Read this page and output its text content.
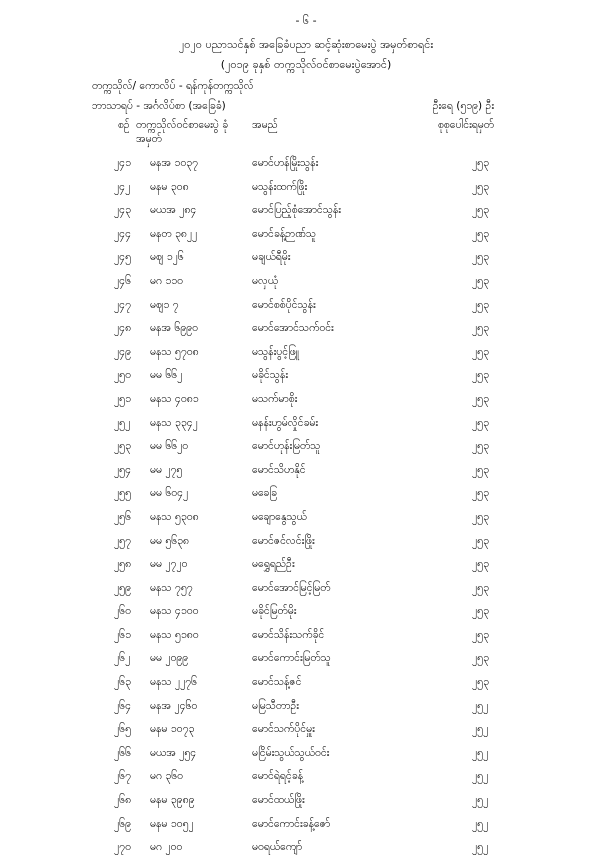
- ၆ -
၂၀၂၀ ပညာသင်နှစ် အခြေခံပညာ ဆင့်ဆုံးစာမေးပွဲ အမှတ်စာရင်း
(၂၀၁၉ ခုနှစ် တက္ကသိုလ်ဝင်စာမေးပွဲအောင်)
တက္ကသိုလ်/ ကောလိပ် - ရန်ကုန်တက္ကသိုလ်
ဘာသာရပ် - အင်္ဂလိပ်စာ (အခြေခံ)	ဦးရေ (၅၁၉) ဦး
စဉ် တက္ကသိုလ်ဝင်စာမေးပွဲ ခုံအမှတ်
အမည်	စုစုပေါင်းရမှတ်
၂၄၁ မနအ ၁၀၃၇	မောင်ဟန်မြိုးသွန်း	၂၅၃
၂၄၂ မနမ ၃၀၈	မသွန်းထက်ဖြိုး	၂၅၃
၂၄၃ မယအ ၂၈၄	မောင်ပြည့်စုံအောင်သွန်း	၂၅၃
၂၄၄ မနတ ၃၈၂၂	မောင်ခန့်ဉာဏ်သူ	၂၅၃
၂၄၅ မဈ ၁၂၆	မချယ်ရီမိုး	၂၅၃
၂၄၆ မဂ ၁၁၀	မလှယုံ	၂၅၃
၂၄၇ မဈ၁ ၇	မောင်စစ်ပိုင်သွန်း	၂၅၃
၂၄၈ မနအ ၆၉၉၀	မောင်အောင်သက်ဝင်း	၂၅၃
၂၄၉ မနသ ၅၇၀၈	မသွန်းပွင့်ဖြူ	၂၅၃
၂၅၀ မမ ၆၆၂	မခိုင်သွန်း	၂၅၃
၂၅၁ မနသ ၄၀၈၁	မသက်မာစိုး	၂၅၃
၂၅၂ မနသ ၃၃၄၂	မနန်းဟွမ်လှိုင်ခမ်း	၂၅၃
၂၅၃ မမ ၆၆၂၀	မောင်ဟုန်းမြတ်သူ	၂၅၃
၂၅၄ မမ ၂၇၅	မောင်သိဟနိုင်	၂၅၃
၂၅၅ မမ ၆၀၄၂	မခေခြ	၂၅၃
၂၅၆ မနသ ၅၃၀၈	မချောနွေသွယ်	၂၅၃
၂၅၇ မမ ၅၆၃၈	မောင်ဇင်လင်းဖြိုး	၂၅၃
၂၅၈ မမ ၂၇၂၀	မရွှေရည်ဦး	၂၅၃
၂၅၉ မနသ ၇၅၇	မောင်အောင်မြင့်မြတ်	၂၅၃
၂၆၀ မနသ ၄၁၀၀	မခိုင်မြတ်မိုး	၂၅၃
၂၆၁ မနသ ၅၁၈၀	မောင်သိန်းသက်ခိုင်	၂၅၃
၂၆၂ မမ ၂၀၉၉	မောင်ကောင်းမြတ်သူ	၂၅၃
၂၆၃ မနသ ၂၂၇၆	မောင်သန့်ဇင်	၂၅၃
၂၆၄ မနအ ၂၄၆၀	မမြသီတာဦး	၂၅၂
၂၆၅ မနမ ၁၀၇၃	မောင်သက်ပိုင်မှူး	၂၅၂
၂၆၆ မယအ ၂၅၄	မငြိမ်းသွယ်သွယ်ဝင်း	၂၅၂
၂၆၇ မဂ ၃၆၀	မောင်ရဲရင့်ခန့်	၂၅၂
၂၆၈ မနမ ၃၉၈၉	မောင်ထယ်ဖြိုး	၂၅၂
၂၆၉ မနမ ၁၀၅၂	မောင်ကောင်းခန့်ဇော်	၂၅၂
၂၇၀ မဂ ၂၀၀	မဝရယ်ကျော်	၂၅၂
